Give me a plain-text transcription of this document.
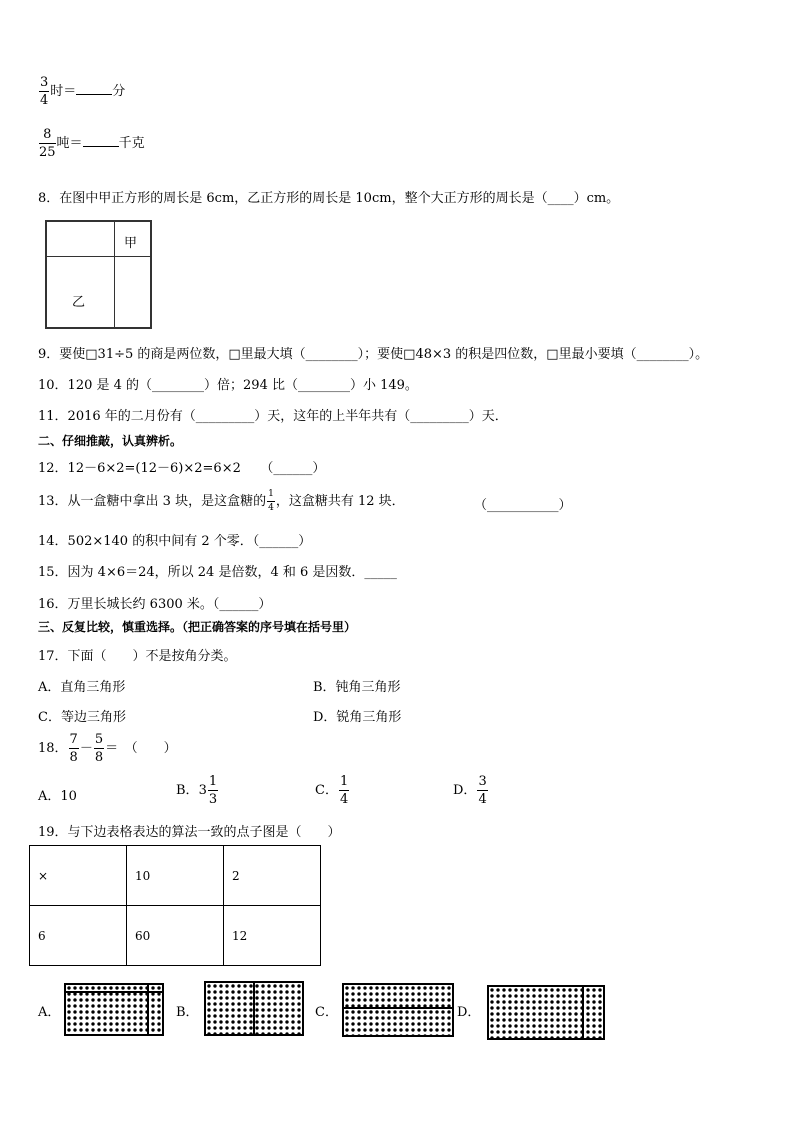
$\frac{3}{4}$ 时＝	分
$\frac{8}{25}$ 吨＝	千克
8．在图中甲正方形的周长是 6cm，乙正方形的周长是 10cm，整个大正方形的周长是（____）cm。
甲
乙
9．要使□31÷5 的商是两位数，□里最大填（________）；要使□48×3 的积是四位数，□里最小要填（________）。
10．120 是 4 的（________）倍；294 比（________）小 149。
11．2016 年的二月份有（_________）天，这年的上半年共有（_________）天．
二、仔细推敲，认真辨析。
12．12－6×2=(12－6)×2=6×2　　（______）
13．从一盒糖中拿出 3 块，是这盒糖的 $\frac{1}{4}$ ，这盒糖共有 12 块．	（___________）
14．502×140 的积中间有 2 个零．（______）
15．因为 4×6＝24，所以 24 是倍数，4 和 6 是因数．_____
16．万里长城长约 6300 米。（______）
三、反复比较，慎重选择。（把正确答案的序号填在括号里）
17．下面（　　）不是按角分类。
A．直角三角形	B．钝角三角形
C．等边三角形	D．锐角三角形
18． $\frac{7}{8} - \frac{5}{8}$ ＝　（　　）
A．10	B．$3 \frac{1}{3}$	C． $\frac{1}{4}$	D． $\frac{3}{4}$
19．与下边表格表达的算法一致的点子图是（　　）
×	10	2
6	60	12
A．	B．	C．	D．
